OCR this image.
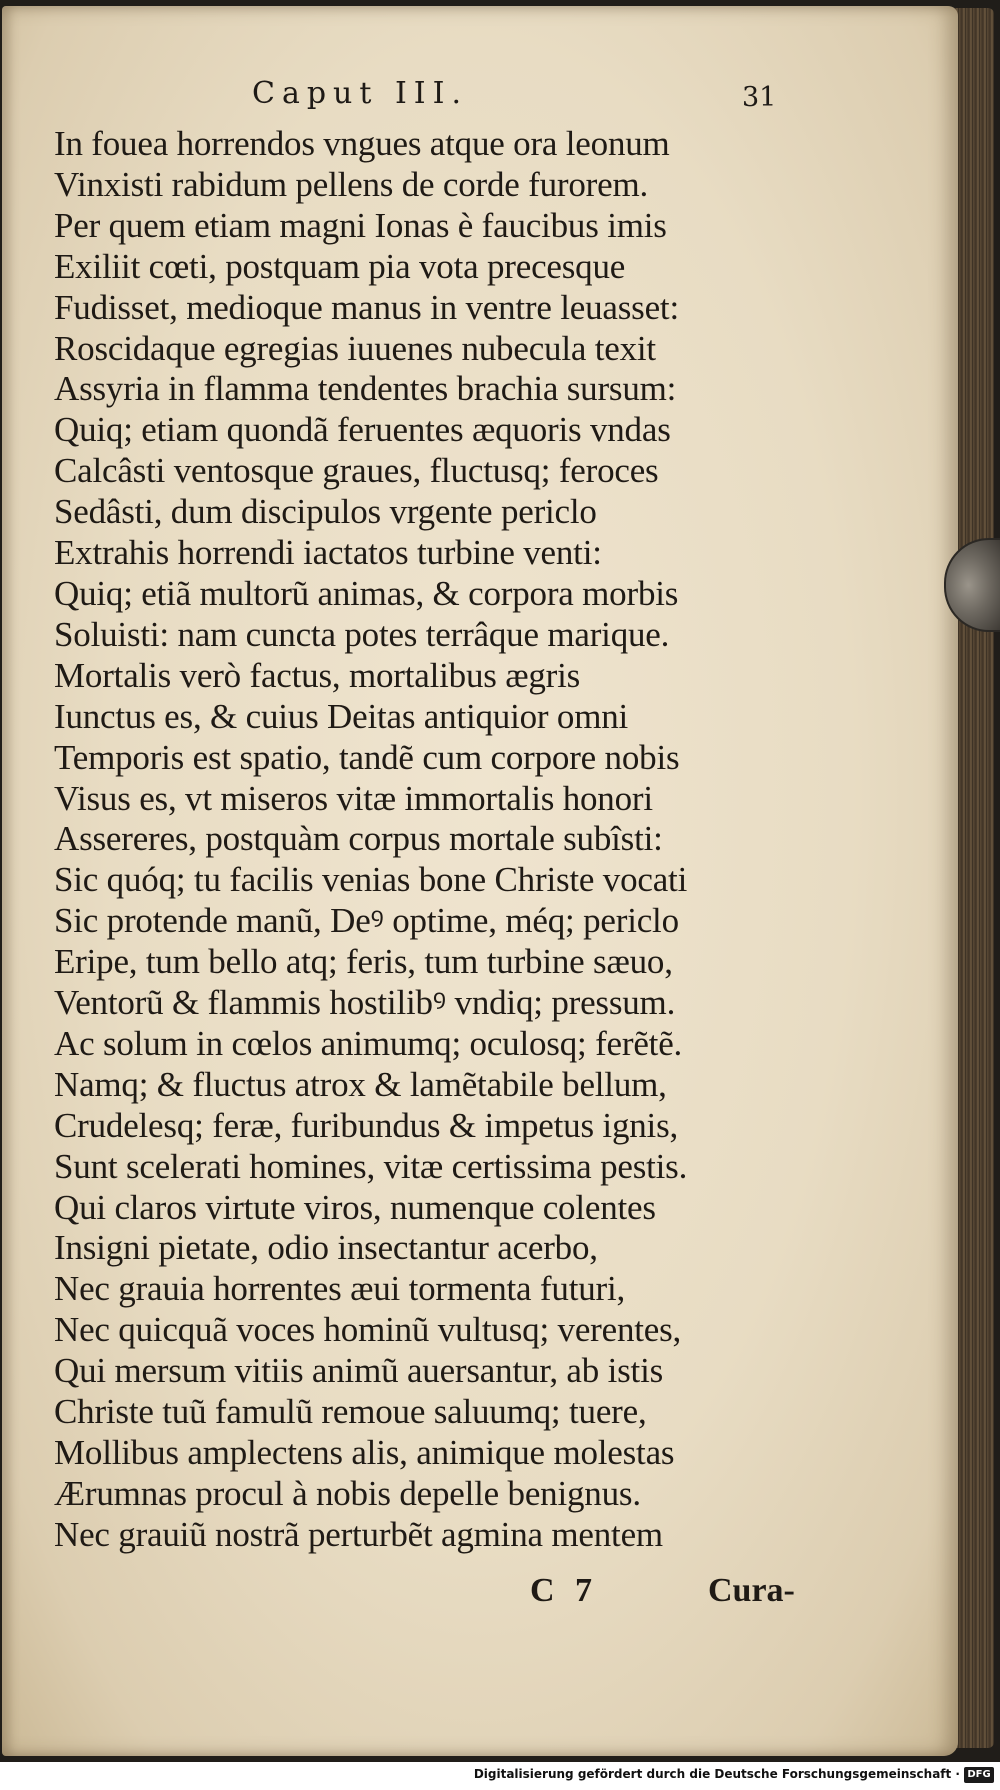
Caput III.	31
In fouea horrendos vngues atque ora leonum
Vinxisti rabidum pellens de corde furorem.
Per quem etiam magni Ionas è faucibus imis
Exiliit cœti, postquam pia vota precesque
Fudisset, medioque manus in ventre leuasset:
Roscidaque egregias iuuenes nubecula texit
Assyria in flamma tendentes brachia sursum:
Quiq; etiam quondã feruentes æquoris vndas
Calcâsti ventosque graues, fluctusq; feroces
Sedâsti, dum discipulos vrgente periclo
Extrahis horrendi iactatos turbine venti:
Quiq; etiã multorũ animas, & corpora morbis
Soluisti: nam cuncta potes terrâque marique.
Mortalis verò factus, mortalibus ægris
Iunctus es, & cuius Deitas antiquior omni
Temporis est spatio, tandẽ cum corpore nobis
Visus es, vt miseros vitæ immortalis honori
Assereres, postquàm corpus mortale subîsti:
Sic quóq; tu facilis venias bone Christe vocati
Sic protende manũ, Deꝰ optime, méq; periclo
Eripe, tum bello atq; feris, tum turbine sæuo,
Ventorũ & flammis hostilibꝰ vndiq; pressum.
Ac solum in cœlos animumq; oculosq; ferẽtẽ.
Namq; & fluctus atrox & lamẽtabile bellum,
Crudelesq; feræ, furibundus & impetus ignis,
Sunt scelerati homines, vitæ certissima pestis.
Qui claros virtute viros, numenque colentes
Insigni pietate, odio insectantur acerbo,
Nec grauia horrentes æui tormenta futuri,
Nec quicquã voces hominũ vultusq; verentes,
Qui mersum vitiis animũ auersantur, ab istis
Christe tuũ famulũ remoue saluumq; tuere,
Mollibus amplectens alis, animique molestas
Ærumnas procul à nobis depelle benignus.
Nec grauiũ nostrã perturbẽt agmina mentem
C 7	Cura-
Digitalisierung gefördert durch die Deutsche Forschungsgemeinschaft · DFG
